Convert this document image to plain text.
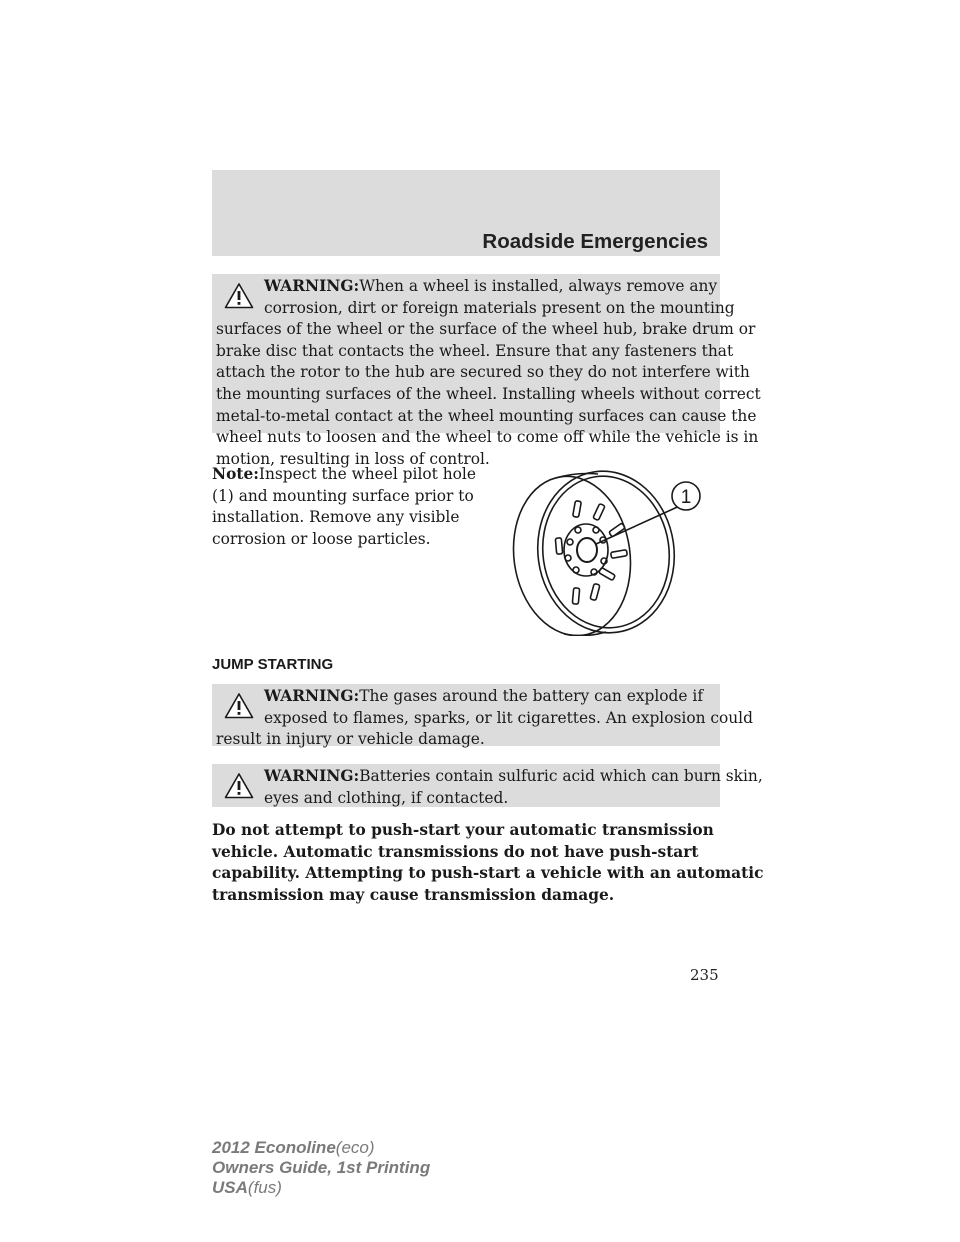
Roadside Emergencies
WARNING:When a wheel is installed, always remove any
corrosion, dirt or foreign materials present on the mounting
surfaces of the wheel or the surface of the wheel hub, brake drum or
brake disc that contacts the wheel. Ensure that any fasteners that
attach the rotor to the hub are secured so they do not interfere with
the mounting surfaces of the wheel. Installing wheels without correct
metal-to-metal contact at the wheel mounting surfaces can cause the
wheel nuts to loosen and the wheel to come off while the vehicle is in
motion, resulting in loss of control.
Note:Inspect the wheel pilot hole
(1) and mounting surface prior to
installation. Remove any visible
corrosion or loose particles.
1
JUMP STARTING
WARNING:The gases around the battery can explode if
exposed to flames, sparks, or lit cigarettes. An explosion could
result in injury or vehicle damage.
WARNING:Batteries contain sulfuric acid which can burn skin,
eyes and clothing, if contacted.
Do not attempt to push-start your automatic transmission
vehicle. Automatic transmissions do not have push-start
capability. Attempting to push-start a vehicle with an automatic
transmission may cause transmission damage.
235
2012 Econoline(eco)
Owners Guide, 1st Printing
USA(fus)
